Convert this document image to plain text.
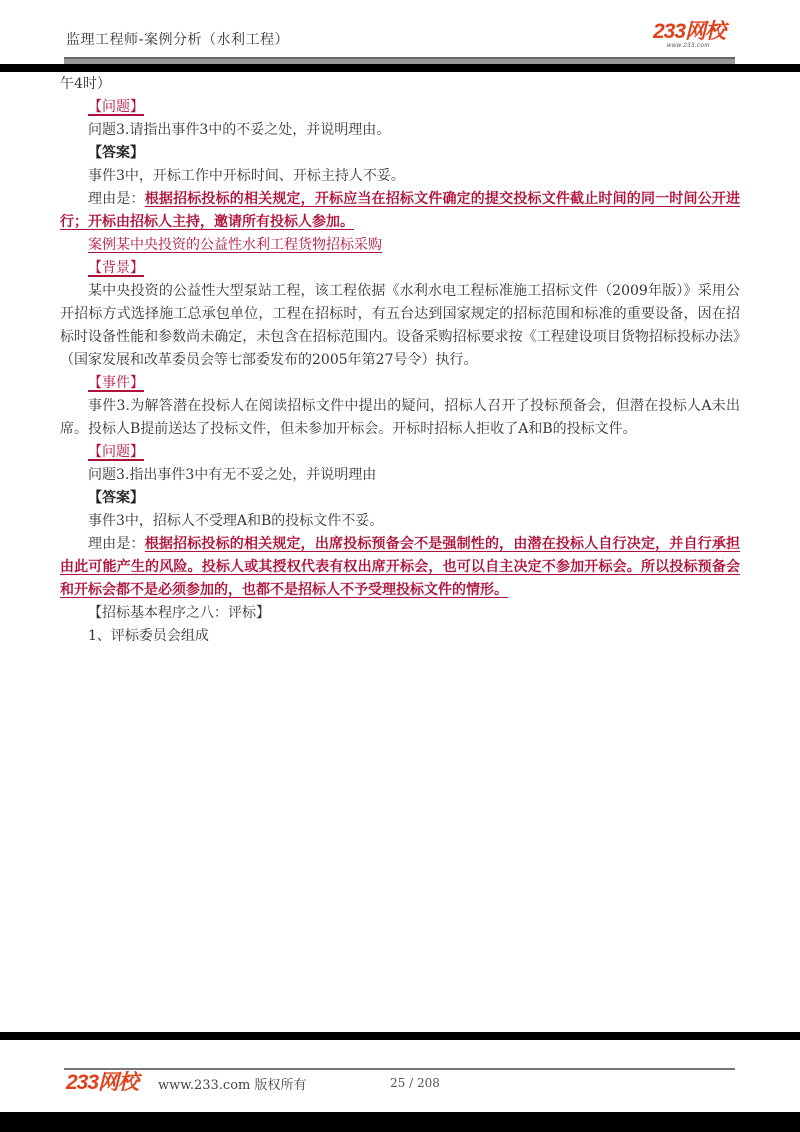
监理工程师-案例分析（水利工程）	233网校
www.233.com
午4时）
【问题】
问题3.请指出事件3中的不妥之处，并说明理由。
【答案】
事件3中，开标工作中开标时间、开标主持人不妥。
理由是：根据招标投标的相关规定，开标应当在招标文件确定的提交投标文件截止时间的同一时间公开进行；开标由招标人主持，邀请所有投标人参加。
案例某中央投资的公益性水利工程货物招标采购
【背景】
某中央投资的公益性大型泵站工程，该工程依据《水利水电工程标准施工招标文件（2009年版）》采用公开招标方式选择施工总承包单位，工程在招标时，有五台达到国家规定的招标范围和标准的重要设备，因在招标时设备性能和参数尚未确定，未包含在招标范围内。设备采购招标要求按《工程建设项目货物招标投标办法》（国家发展和改革委员会等七部委发布的2005年第27号令）执行。
【事件】
事件3.为解答潜在投标人在阅读招标文件中提出的疑问，招标人召开了投标预备会，但潜在投标人A未出席。投标人B提前送达了投标文件，但未参加开标会。开标时招标人拒收了A和B的投标文件。
【问题】
问题3.指出事件3中有无不妥之处，并说明理由
【答案】
事件3中，招标人不受理A和B的投标文件不妥。
理由是：根据招标投标的相关规定，出席投标预备会不是强制性的，由潜在投标人自行决定，并自行承担由此可能产生的风险。投标人或其授权代表有权出席开标会，也可以自主决定不参加开标会。所以投标预备会和开标会都不是必须参加的，也都不是招标人不予受理投标文件的情形。
【招标基本程序之八：评标】
1、评标委员会组成
233网校 www.233.com 版权所有	25 / 208
